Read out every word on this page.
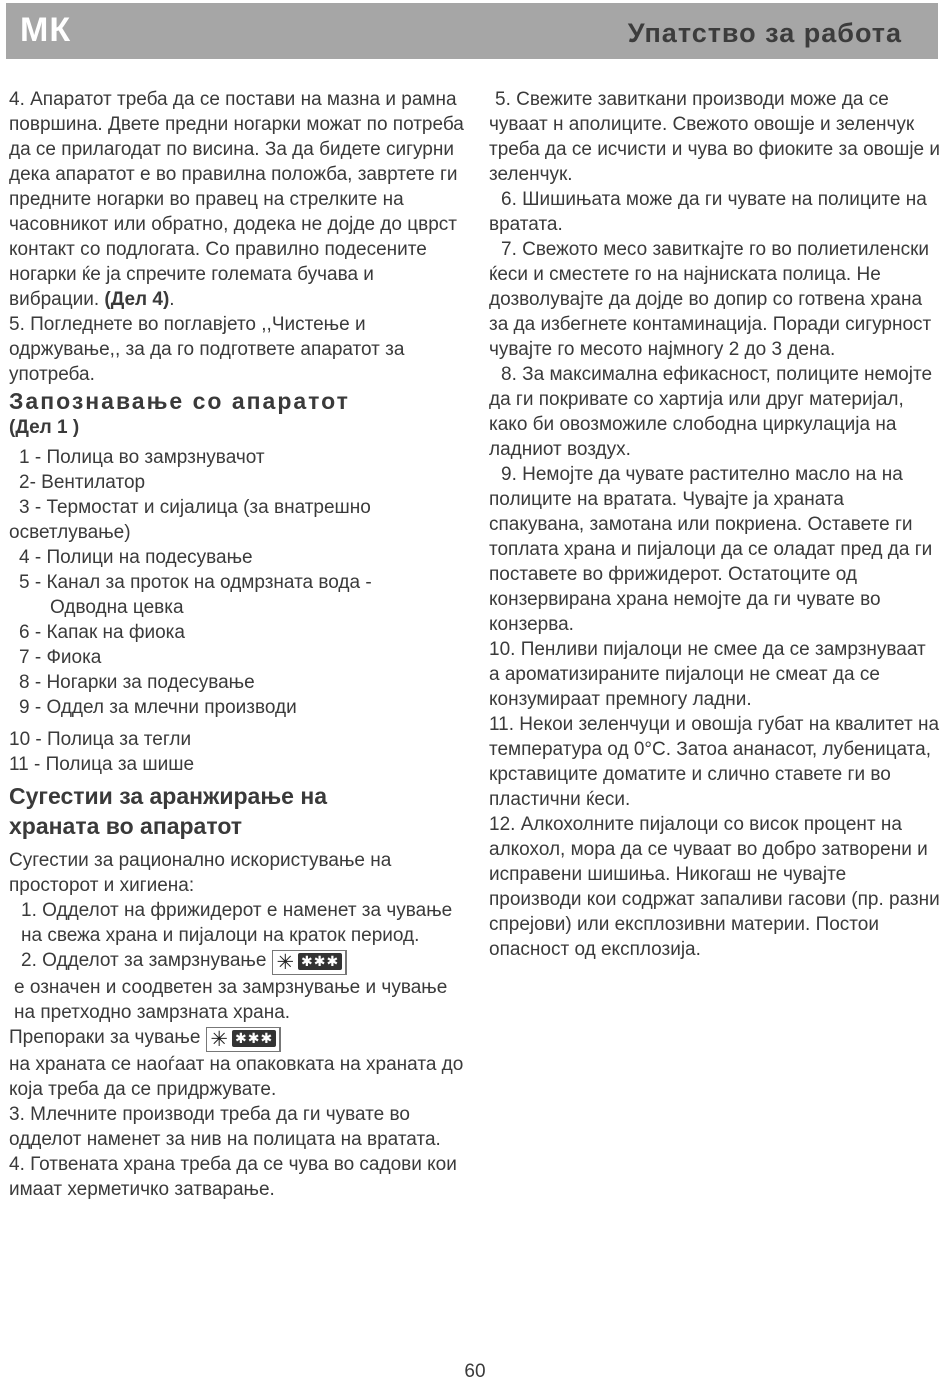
МК	Упатство за работа

4. Апаратот треба да се постави на мазна и рамна површина. Двете предни ногарки можат по потреба да се прилагодат по висина. За да бидете сигурни дека апаратот е во правилна положба, завртете ги предните ногарки во правец на стрелките на часовникот или обратно, додека не дојде до цврст контакт со подлогата. Со правилно подесените ногарки ќе ја спречите големата бучава и вибрации. (Дел 4).

5. Погледнете во поглавјето ,,Чистење и одржување,, за да го подгответе апаратот за употреба.

Запознавање со апаратот
(Дел 1 )
1 - Полица во замрзнувачот
2- Вентилатор
3 - Термостат и сијалица (за внатрешно
осветлување)
4 - Полици на подесување
5 - Канал за проток на одмрзната вода -
Одводна цевка
6 - Капак на фиока
7 - Фиока
8 - Ногарки за подесување
9 - Оддел за млечни производи
10 - Полица за тегли
11 - Полица за шише
Сугестии за аранжирање на
храната во апаратот

Сугестии за рационално искористување на просторот и хигиена:

1. Одделот на фрижидерот е наменет за чување на свежа храна и пијалоци на краток период.

2. Одделот за замрзнување ✳ ✱✱✱

е означен и соодветен за замрзнување и чување на претходно замрзната храна.

Препораки за чување ✳ ✱✱✱

на храната се наоѓаат на опаковката на храната до која треба да се придржувате.

3. Млечните производи треба да ги чувате во одделот наменет за нив на полицата на вратата.

4. Готвената храна треба да се чува во садови кои имаат херметичко затварање.

5. Свежите завиткани производи може да се чуваат н аполиците. Свежото овошје и зеленчук треба да се исчисти и чува во фиоките за овошје и зеленчук.

6. Шишињата може да ги чувате на полиците на вратата.

7. Свежото месо завиткајте го во полиетиленски ќеси и сместете го на најниската полица. Не дозволувајте да дојде во допир со готвена храна за да избегнете контаминација. Поради сигурност чувајте го месото најмногу 2 до 3 дена.

8. За максимална ефикасност, полиците немојте да ги покривате со хартија или друг материјал, како би овозможиле слободна циркулација на ладниот воздух.

9. Немојте да чувате растително масло на на полиците на вратата. Чувајте ја храната спакувана, замотана или покриена. Оставете ги топлата храна и пијалоци да се оладат пред да ги поставете во фрижидерот. Остатоците од конзервирана храна немојте да ги чувате во конзерва.

10. Пенливи пијалоци не смее да се замрзнуваат а ароматизираните пијалоци не смеат да се конзумираат премногу ладни.

11. Некои зеленчуци и овошја губат на квалитет на температура од 0°C. Затоа ананасот, лубеницата, крставиците доматите и слично ставете ги во пластични ќеси.

12. Алкохолните пијалоци со висок процент на алкохол, мора да се чуваат во добро затворени и исправени шишиња. Никогаш не чувајте производи кои содржат запаливи гасови (пр. разни спрејови) или експлозивни материи. Постои опасност од експлозија.

60
